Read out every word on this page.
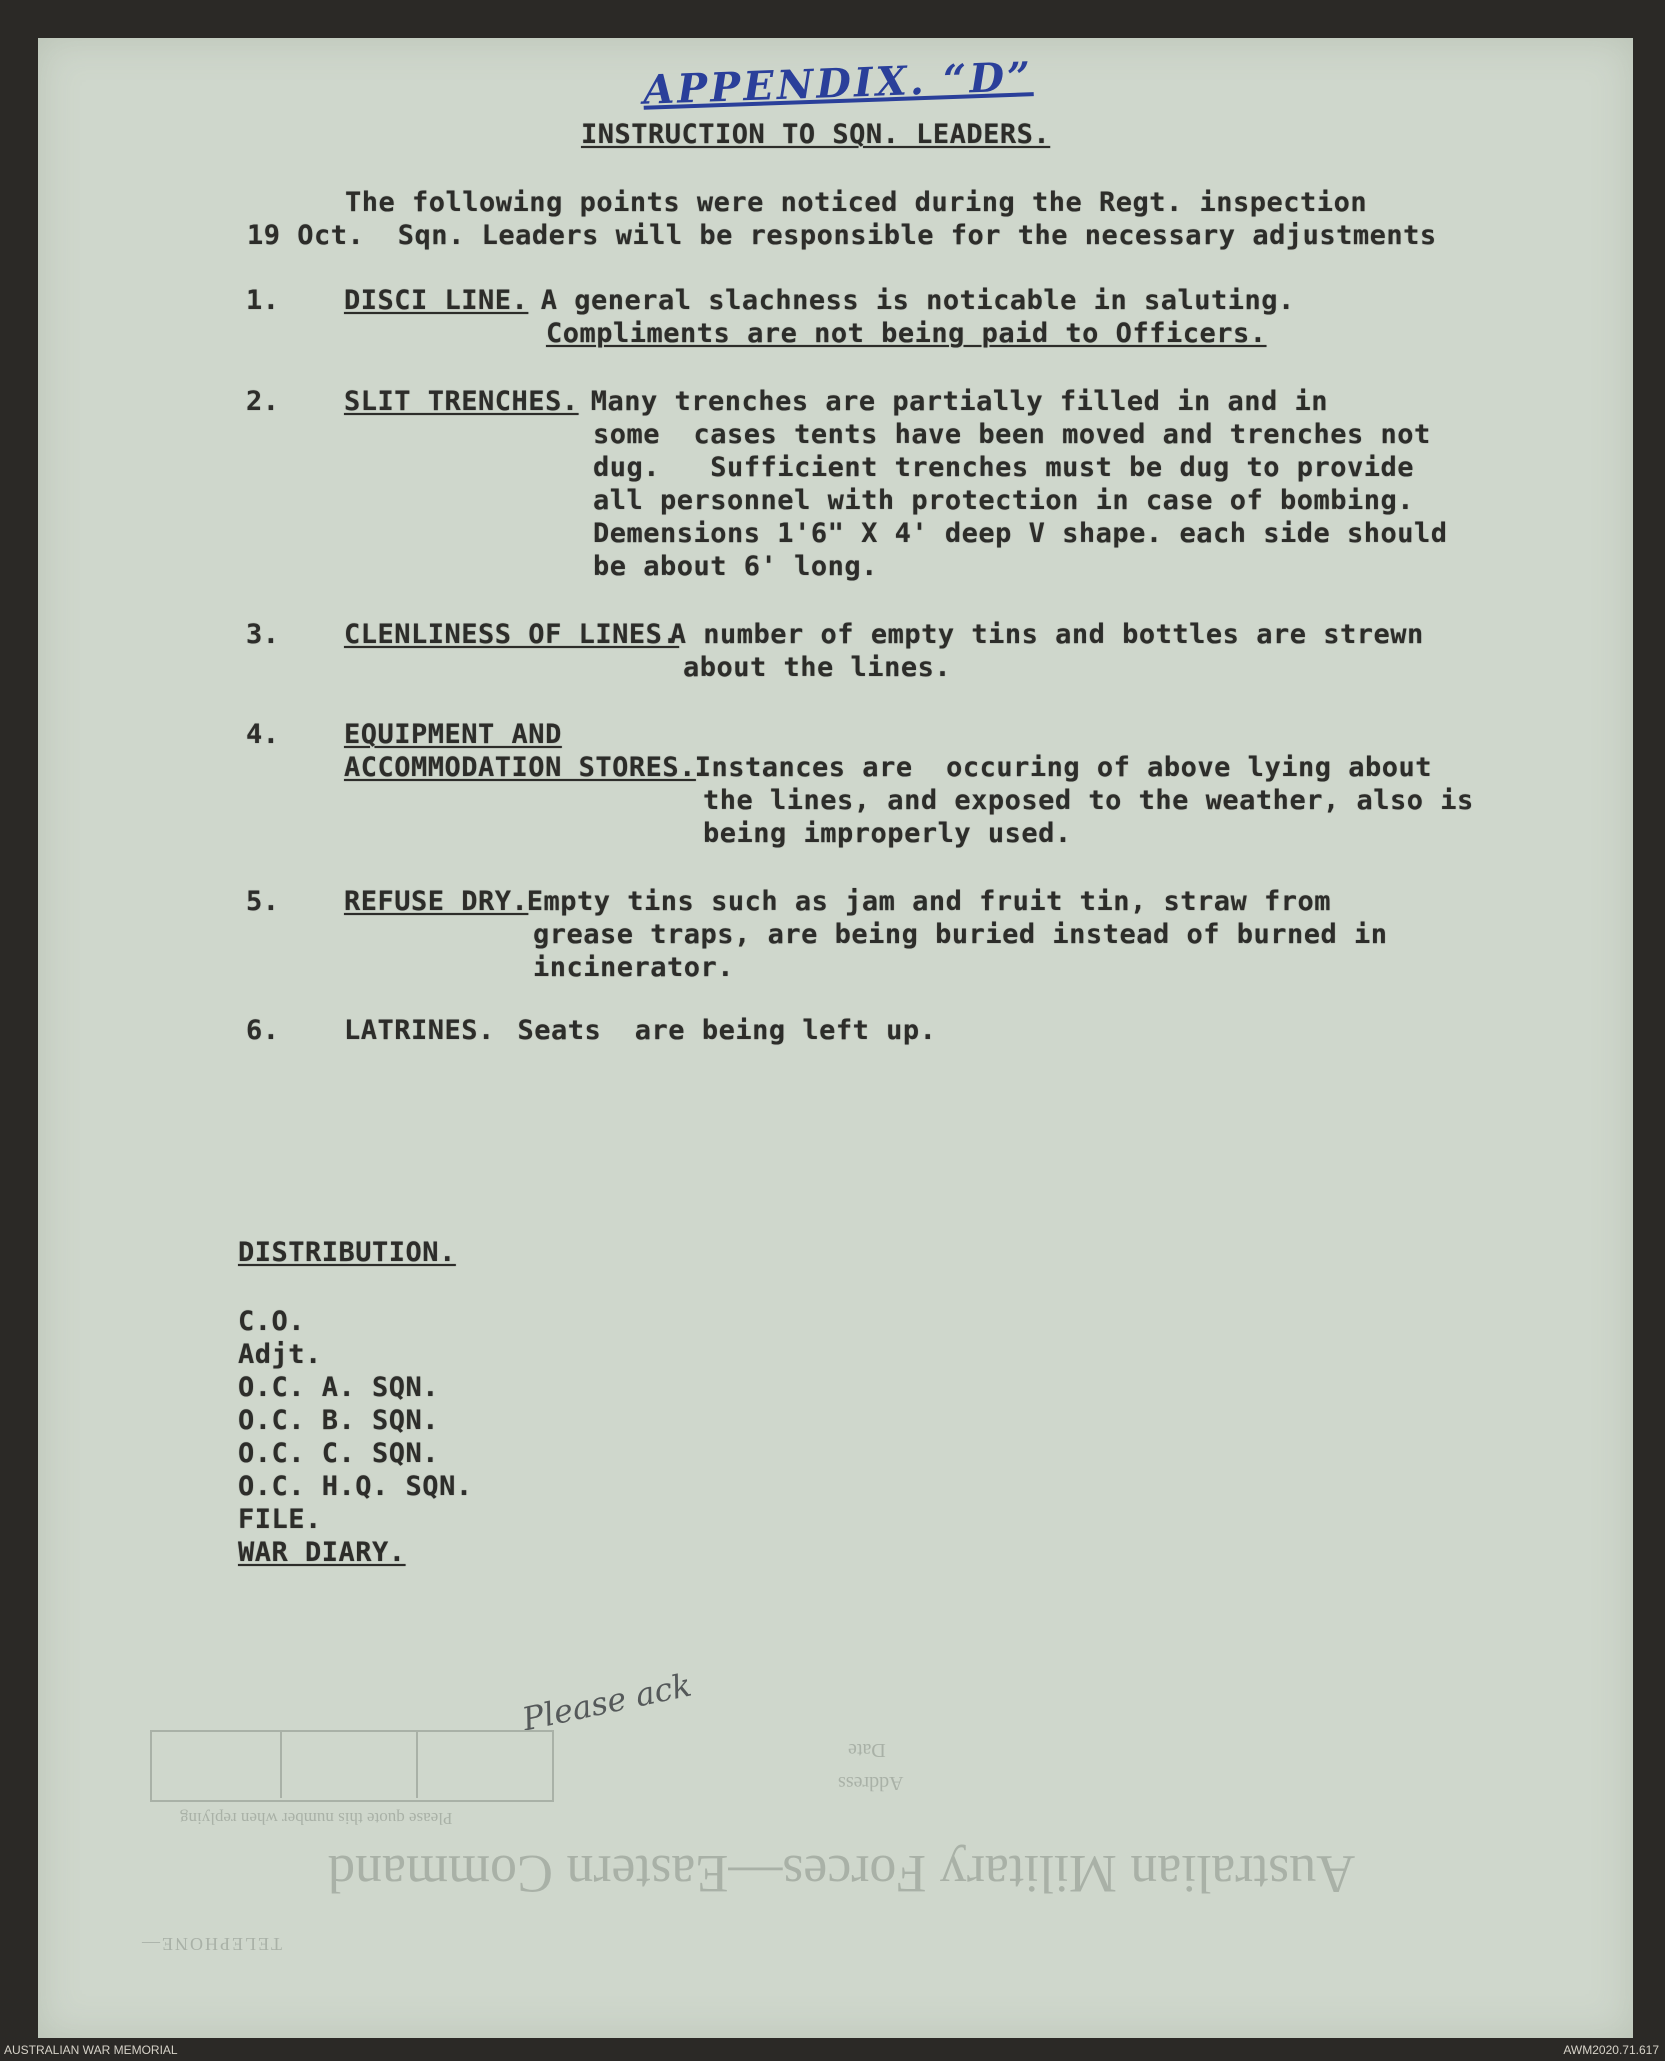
APPENDIX. “D”
INSTRUCTION TO SQN. LEADERS.
The following points were noticed during the Regt. inspection
19 Oct.  Sqn. Leaders will be responsible for the necessary adjustments
1. DISCI LINE.
A general slachness is noticable in saluting.
Compliments are not being paid to Officers.
2. SLIT TRENCHES.
Many trenches are partially filled in and in
some  cases tents have been moved and trenches not
dug.   Sufficient trenches must be dug to provide
all personnel with protection in case of bombing.
Demensions 1'6" X 4' deep V shape. each side should
be about 6' long.
3. CLENLINESS OF LINES.
A number of empty tins and bottles are strewn
about the lines.
4. EQUIPMENT AND
ACCOMMODATION STORES.
Instances are  occuring of above lying about
the lines, and exposed to the weather, also is
being improperly used.
5. REFUSE DRY.
Empty tins such as jam and fruit tin, straw from
grease traps, are being buried instead of burned in
incinerator.
6. LATRINES.
Seats  are being left up.
DISTRIBUTION.
C.O.
Adjt.
O.C. A. SQN.
O.C. B. SQN.
O.C. C. SQN.
O.C. H.Q. SQN.
FILE.
WAR DIARY.
Please ack
Please quote this number when replying
Date
Address
Australian Military Forces—Eastern Command
TELEPHONE—
AUSTRALIAN WAR MEMORIAL	AWM2020.71.617
